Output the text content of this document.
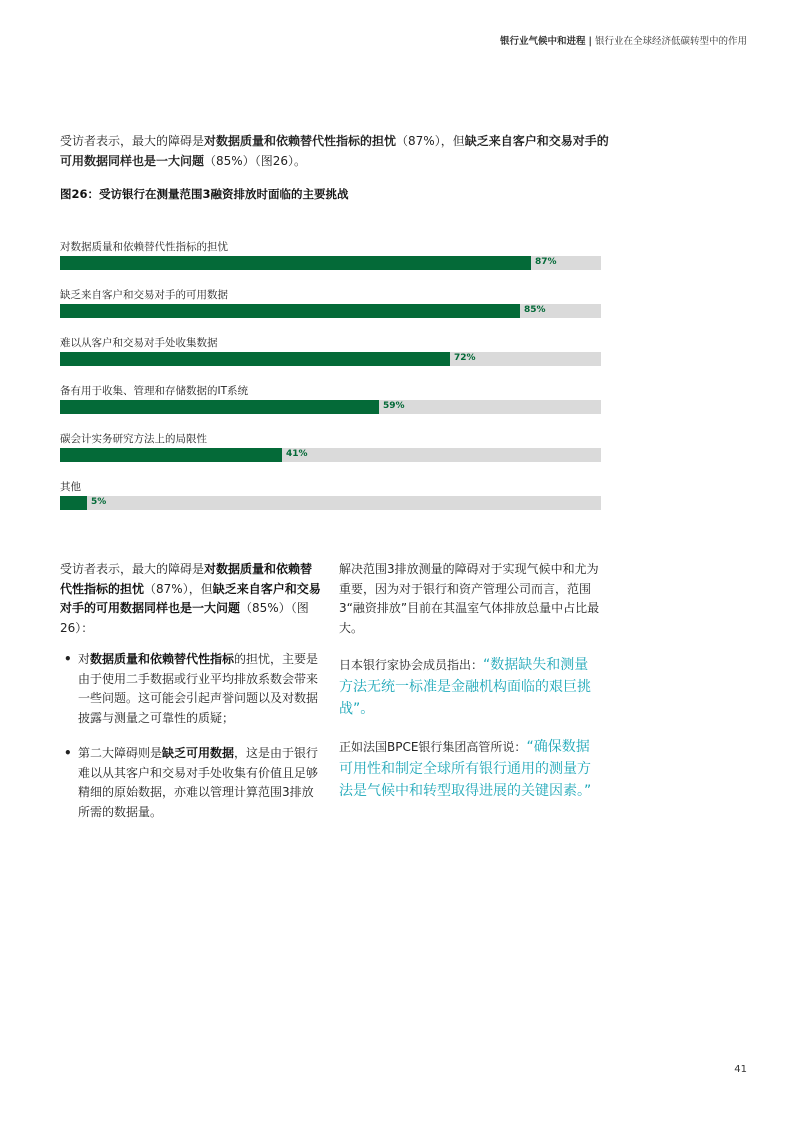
银行业气候中和进程 | 银行业在全球经济低碳转型中的作用
受访者表示，最大的障碍是对数据质量和依赖替代性指标的担忧（87%），但缺乏来自客户和交易对手的可用数据同样也是一大问题（85%）（图26）。
图26：受访银行在测量范围3融资排放时面临的主要挑战
对数据质量和依赖替代性指标的担忧
87%
缺乏来自客户和交易对手的可用数据
85%
难以从客户和交易对手处收集数据
72%
备有用于收集、管理和存储数据的IT系统
59%
碳会计实务研究方法上的局限性
41%
其他
5%
受访者表示，最大的障碍是对数据质量和依赖替代性指标的担忧（87%），但缺乏来自客户和交易对手的可用数据同样也是一大问题（85%）（图26）：
• 对数据质量和依赖替代性指标的担忧，主要是由于使用二手数据或行业平均排放系数会带来一些问题。这可能会引起声誉问题以及对数据披露与测量之可靠性的质疑；
• 第二大障碍则是缺乏可用数据，这是由于银行难以从其客户和交易对手处收集有价值且足够精细的原始数据，亦难以管理计算范围3排放所需的数据量。

解决范围3排放测量的障碍对于实现气候中和尤为重要，因为对于银行和资产管理公司而言，范围3“融资排放”目前在其温室气体排放总量中占比最大。

日本银行家协会成员指出：“数据缺失和测量方法无统一标准是金融机构面临的艰巨挑战”。

正如法国BPCE银行集团高管所说：“确保数据可用性和制定全球所有银行通用的测量方法是气候中和转型取得进展的关键因素。”

41
